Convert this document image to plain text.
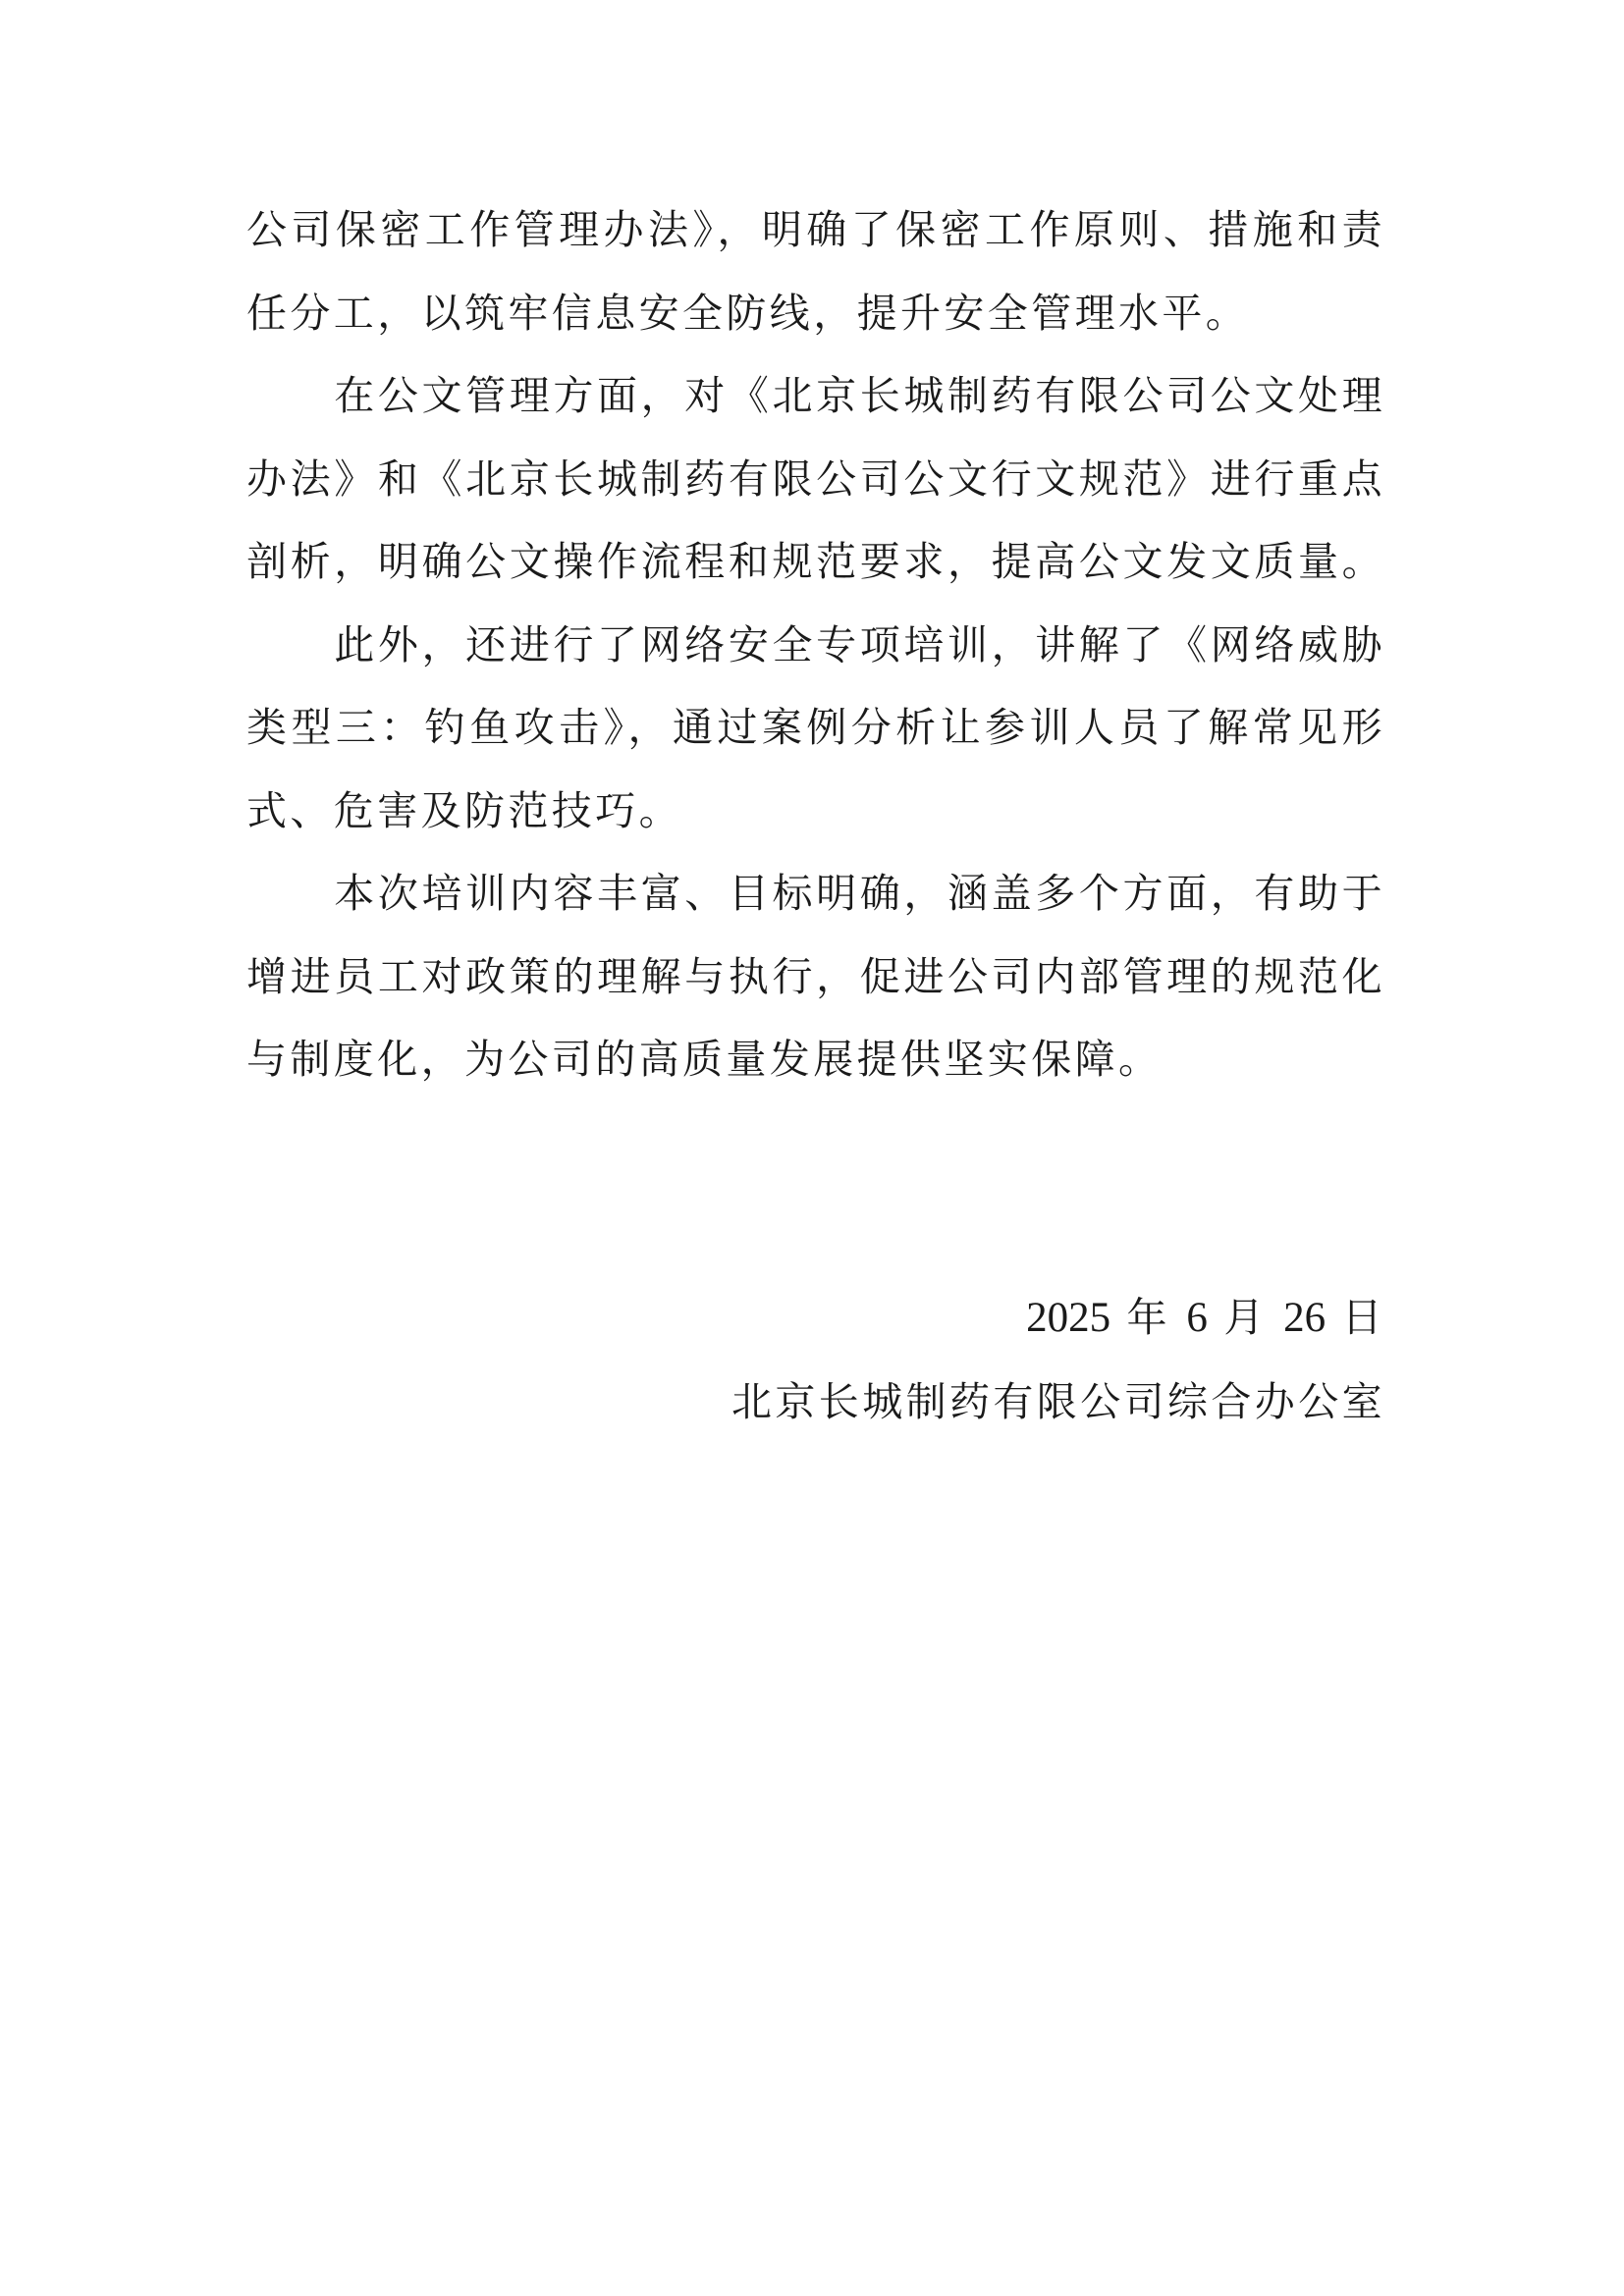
公司保密工作管理办法》，明确了保密工作原则、措施和责
任分工，以筑牢信息安全防线，提升安全管理水平。
　　在公文管理方面，对《北京长城制药有限公司公文处理
办法》和《北京长城制药有限公司公文行文规范》进行重点
剖析，明确公文操作流程和规范要求，提高公文发文质量。
　　此外，还进行了网络安全专项培训，讲解了《网络威胁
类型三：钓鱼攻击》，通过案例分析让参训人员了解常见形
式、危害及防范技巧。
　　本次培训内容丰富、目标明确，涵盖多个方面，有助于
增进员工对政策的理解与执行，促进公司内部管理的规范化
与制度化，为公司的高质量发展提供坚实保障。
2025 年 6 月 26 日
北京长城制药有限公司综合办公室
